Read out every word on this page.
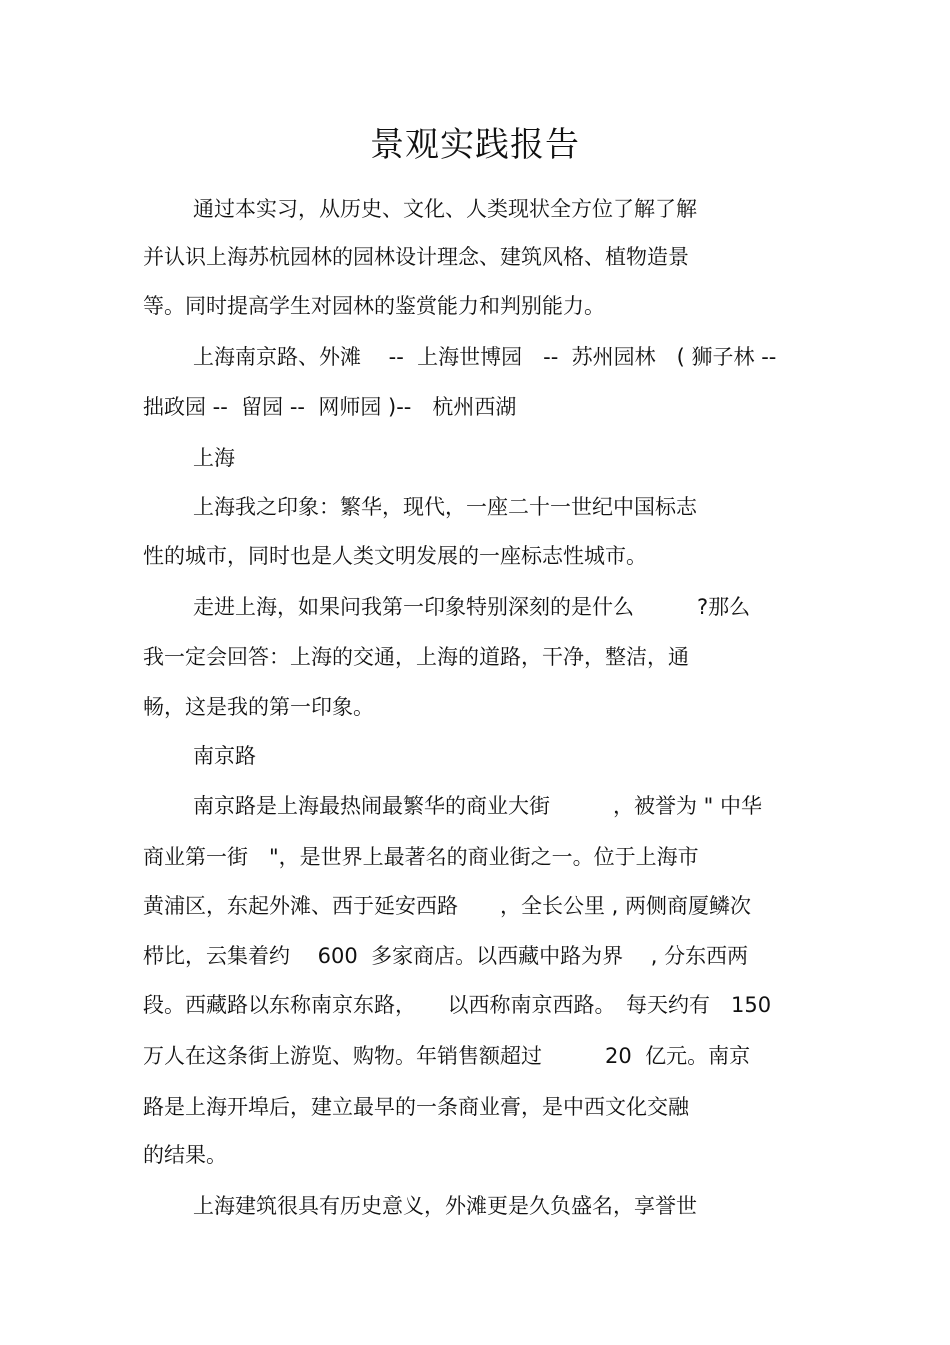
景观实践报告

通过本实习，从历史、文化、人类现状全方位了解了解

并认识上海苏杭园林的园林设计理念、建筑风格、植物造景

等。同时提高学生对园林的鉴赏能力和判别能力。

上海南京路、外滩　 --  上海世博园　--  苏州园林　( 狮子林 --

拙政园 --  留园 --  网师园 )--　杭州西湖

上海

上海我之印象：繁华，现代，一座二十一世纪中国标志

性的城市，同时也是人类文明发展的一座标志性城市。

走进上海，如果问我第一印象特别深刻的是什么　　　?那么

我一定会回答：上海的交通，上海的道路，干净，整洁，通

畅，这是我的第一印象。

南京路

南京路是上海最热闹最繁华的商业大街　　　，被誉为 " 中华

商业第一街　"，是世界上最著名的商业街之一。位于上海市

黄浦区，东起外滩、西于延安西路　　，全长公里 , 两侧商厦鳞次

栉比，云集着约　 600  多家商店。以西藏中路为界　 , 分东西两

段。西藏路以东称南京东路，　　以西称南京西路。　每天约有　150

万人在这条街上游览、购物。年销售额超过　　　20  亿元。南京

路是上海开埠后，建立最早的一条商业膏，是中西文化交融

的结果。

上海建筑很具有历史意义，外滩更是久负盛名，享誉世
